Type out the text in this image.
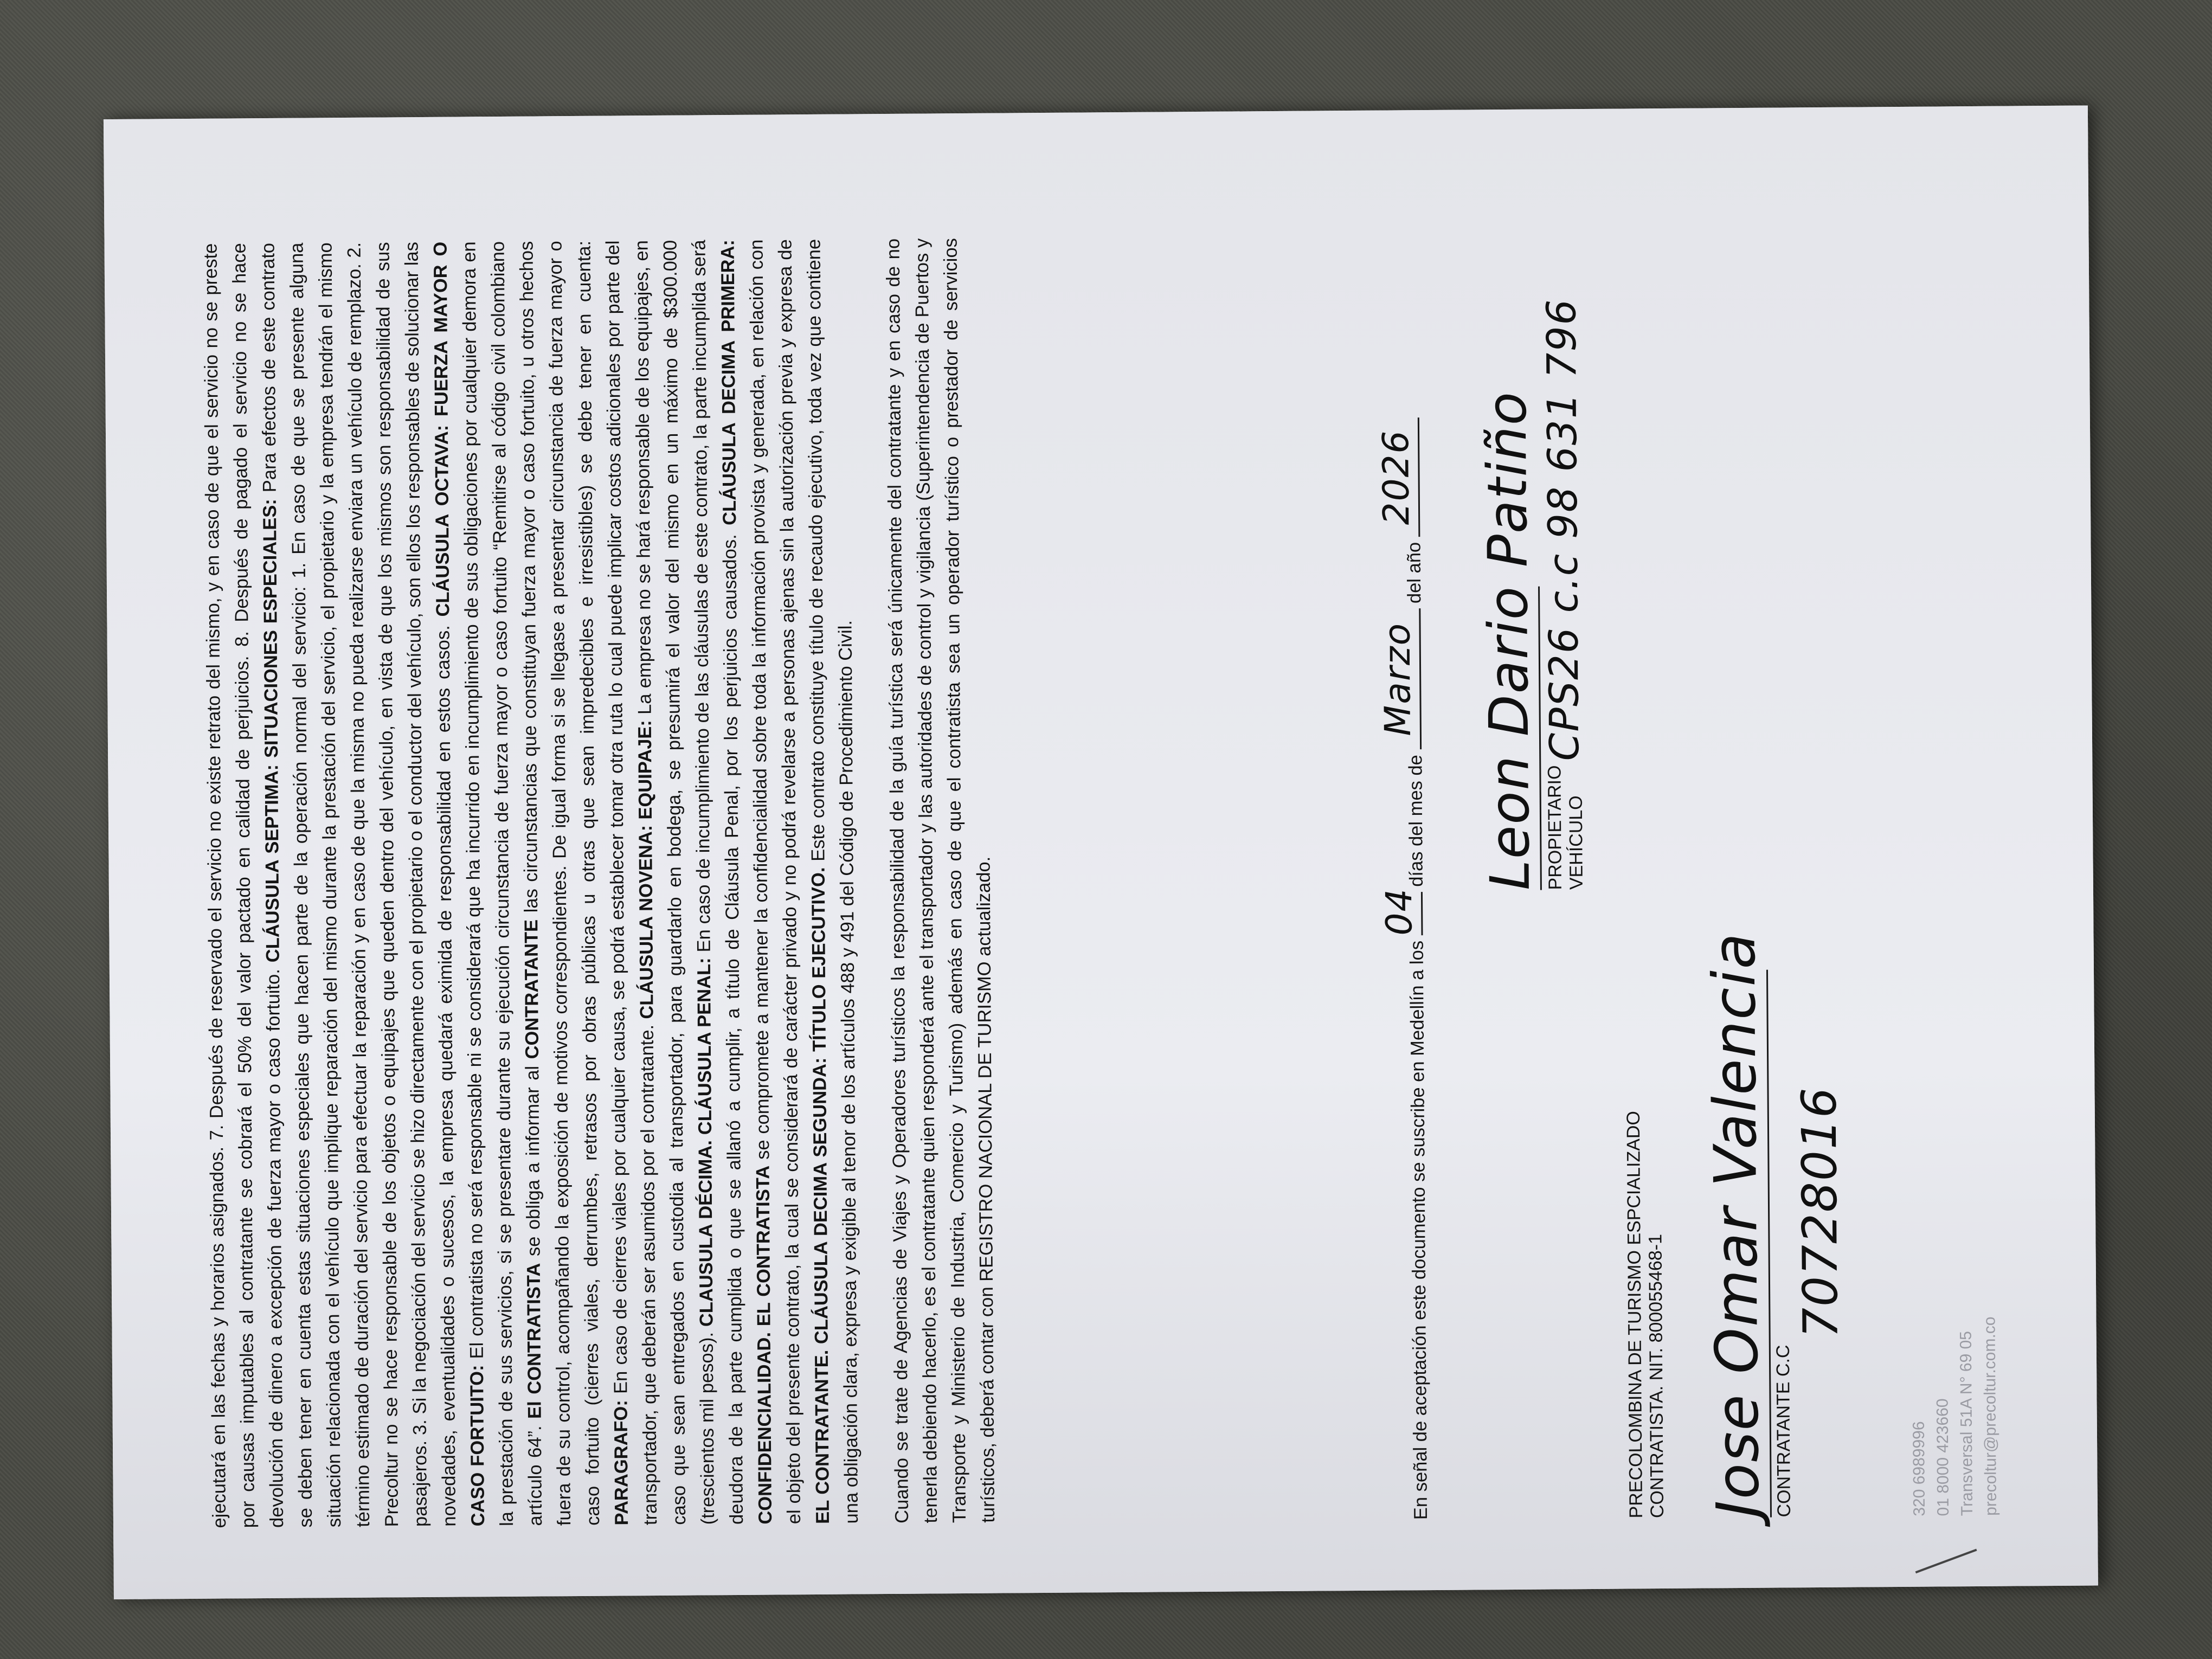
ejecutará en las fechas y horarios asignados. 7. Después de reservado el servicio no existe retrato del mismo, y en caso de que el servicio no se preste por causas imputables al contratante se cobrará el 50% del valor pactado en calidad de perjuicios. 8. Después de pagado el servicio no se hace devolución de dinero a excepción de fuerza mayor o caso fortuito. CLÁUSULA SEPTIMA: SITUACIONES ESPECIALES: Para efectos de este contrato se deben tener en cuenta estas situaciones especiales que hacen parte de la operación normal del servicio: 1. En caso de que se presente alguna situación relacionada con el vehículo que implique reparación del mismo durante la prestación del servicio, el propietario y la empresa tendrán el mismo término estimado de duración del servicio para efectuar la reparación y en caso de que la misma no pueda realizarse enviara un vehículo de remplazo. 2. Precoltur no se hace responsable de los objetos o equipajes que queden dentro del vehículo, en vista de que los mismos son responsabilidad de sus pasajeros. 3. Si la negociación del servicio se hizo directamente con el propietario o el conductor del vehículo, son ellos los responsables de solucionar las novedades, eventualidades o sucesos, la empresa quedará eximida de responsabilidad en estos casos. CLÁUSULA OCTAVA: FUERZA MAYOR O CASO FORTUITO: El contratista no será responsable ni se considerará que ha incurrido en incumplimiento de sus obligaciones por cualquier demora en la prestación de sus servicios, si se presentare durante su ejecución circunstancia de fuerza mayor o caso fortuito “Remitirse al código civil colombiano artículo 64”. El CONTRATISTA se obliga a informar al CONTRATANTE las circunstancias que constituyan fuerza mayor o caso fortuito, u otros hechos fuera de su control, acompañando la exposición de motivos correspondientes. De igual forma si se llegase a presentar circunstancia de fuerza mayor o caso fortuito (cierres viales, derrumbes, retrasos por obras públicas u otras que sean impredecibles e irresistibles) se debe tener en cuenta: PARAGRAFO: En caso de cierres viales por cualquier causa, se podrá establecer tomar otra ruta lo cual puede implicar costos adicionales por parte del transportador, que deberán ser asumidos por el contratante. CLÁUSULA NOVENA: EQUIPAJE: La empresa no se hará responsable de los equipajes, en caso que sean entregados en custodia al transportador, para guardarlo en bodega, se presumirá el valor del mismo en un máximo de $300.000 (trescientos mil pesos). CLAUSULA DÉCIMA. CLÁUSULA PENAL: En caso de incumplimiento de las cláusulas de este contrato, la parte incumplida será deudora de la parte cumplida o que se allanó a cumplir, a título de Cláusula Penal, por los perjuicios causados. CLÁUSULA DECIMA PRIMERA: CONFIDENCIALIDAD. EL CONTRATISTA se compromete a mantener la confidencialidad sobre toda la información provista y generada, en relación con el objeto del presente contrato, la cual se considerará de carácter privado y no podrá revelarse a personas ajenas sin la autorización previa y expresa de EL CONTRATANTE. CLÁUSULA DECIMA SEGUNDA: TÍTULO EJECUTIVO. Este contrato constituye título de recaudo ejecutivo, toda vez que contiene una obligación clara, expresa y exigible al tenor de los artículos 488 y 491 del Código de Procedimiento Civil. Cuando se trate de Agencias de Viajes y Operadores turísticos la responsabilidad de la guía turística será únicamente del contratante y en caso de no tenerla debiendo hacerlo, es el contratante quien responderá ante el transportador y las autoridades de control y vigilancia (Superintendencia de Puertos y Transporte y Ministerio de Industria, Comercio y Turismo) además en caso de que el contratista sea un operador turístico o prestador de servicios turísticos, deberá contar con REGISTRO NACIONAL DE TURISMO actualizado.	En señal de aceptación este documento se suscribe en Medellín a los
04
días del mes de
Marzo
del año
2026
PRECOLOMBINA DE TURISMO ESPCIALIZADO
CONTRATISTA. NIT. 800055468-1
Leon Dario Patiño PROPIETARIO VEHÍCULO
CPS26 c.c 98 631 796
Jose Omar Valencia CONTRATANTE C.C
70728016
320 6989996 01 8000 423660 Transversal 51A N° 69 05 precoltur@precoltur.com.co
